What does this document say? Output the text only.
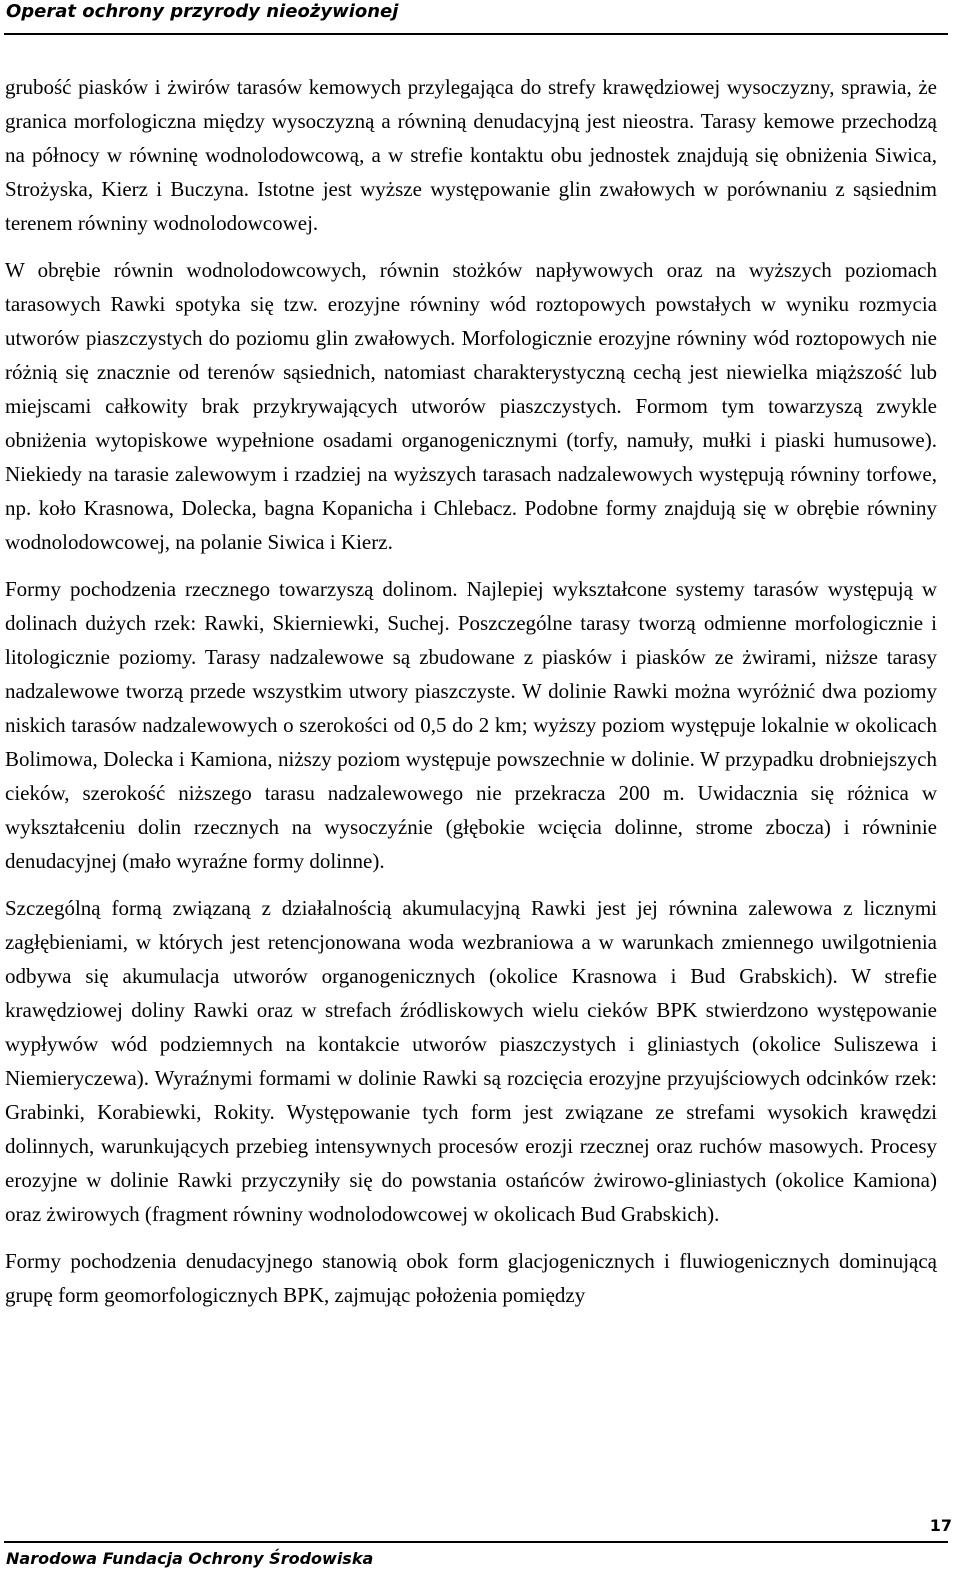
Operat ochrony przyrody nieożywionej

grubość piasków i żwirów tarasów kemowych przylegająca do strefy krawędziowej wysoczyzny, sprawia, że granica morfologiczna między wysoczyzną a równiną denudacyjną jest nieostra. Tarasy kemowe przechodzą na północy w równinę wodnolodowcową, a w strefie kontaktu obu jednostek znajdują się obniżenia Siwica, Strożyska, Kierz i Buczyna. Istotne jest wyższe występowanie glin zwałowych w porównaniu z sąsiednim terenem równiny wodnolodowcowej.

W obrębie równin wodnolodowcowych, równin stożków napływowych oraz na wyższych poziomach tarasowych Rawki spotyka się tzw. erozyjne równiny wód roztopowych powstałych w wyniku rozmycia utworów piaszczystych do poziomu glin zwałowych. Morfologicznie erozyjne równiny wód roztopowych nie różnią się znacznie od terenów sąsiednich, natomiast charakterystyczną cechą jest niewielka miąższość lub miejscami całkowity brak przykrywających utworów piaszczystych. Formom tym towarzyszą zwykle obniżenia wytopiskowe wypełnione osadami organogenicznymi (torfy, namuły, mułki i piaski humusowe). Niekiedy na tarasie zalewowym i rzadziej na wyższych tarasach nadzalewowych występują równiny torfowe, np. koło Krasnowa, Dolecka, bagna Kopanicha i Chlebacz. Podobne formy znajdują się w obrębie równiny wodnolodowcowej, na polanie Siwica i Kierz.

Formy pochodzenia rzecznego towarzyszą dolinom. Najlepiej wykształcone systemy tarasów występują w dolinach dużych rzek: Rawki, Skierniewki, Suchej. Poszczególne tarasy tworzą odmienne morfologicznie i litologicznie poziomy. Tarasy nadzalewowe są zbudowane z piasków i piasków ze żwirami, niższe tarasy nadzalewowe tworzą przede wszystkim utwory piaszczyste. W dolinie Rawki można wyróżnić dwa poziomy niskich tarasów nadzalewowych o szerokości od 0,5 do 2 km; wyższy poziom występuje lokalnie w okolicach Bolimowa, Dolecka i Kamiona, niższy poziom występuje powszechnie w dolinie. W przypadku drobniejszych cieków, szerokość niższego tarasu nadzalewowego nie przekracza 200 m. Uwidacznia się różnica w wykształceniu dolin rzecznych na wysoczyźnie (głębokie wcięcia dolinne, strome zbocza) i równinie denudacyjnej (mało wyraźne formy dolinne).

Szczególną formą związaną z działalnością akumulacyjną Rawki jest jej równina zalewowa z licznymi zagłębieniami, w których jest retencjonowana woda wezbraniowa a w warunkach zmiennego uwilgotnienia odbywa się akumulacja utworów organogenicznych (okolice Krasnowa i Bud Grabskich). W strefie krawędziowej doliny Rawki oraz w strefach źródliskowych wielu cieków BPK stwierdzono występowanie wypływów wód podziemnych na kontakcie utworów piaszczystych i gliniastych (okolice Suliszewa i Niemieryczewa). Wyraźnymi formami w dolinie Rawki są rozcięcia erozyjne przyujściowych odcinków rzek: Grabinki, Korabiewki, Rokity. Występowanie tych form jest związane ze strefami wysokich krawędzi dolinnych, warunkujących przebieg intensywnych procesów erozji rzecznej oraz ruchów masowych. Procesy erozyjne w dolinie Rawki przyczyniły się do powstania ostańców żwirowo-gliniastych (okolice Kamiona) oraz żwirowych (fragment równiny wodnolodowcowej w okolicach Bud Grabskich).

Formy pochodzenia denudacyjnego stanowią obok form glacjogenicznych i fluwiogenicznych dominującą grupę form geomorfologicznych BPK, zajmując położenia pomiędzy

17
Narodowa Fundacja Ochrony Środowiska
